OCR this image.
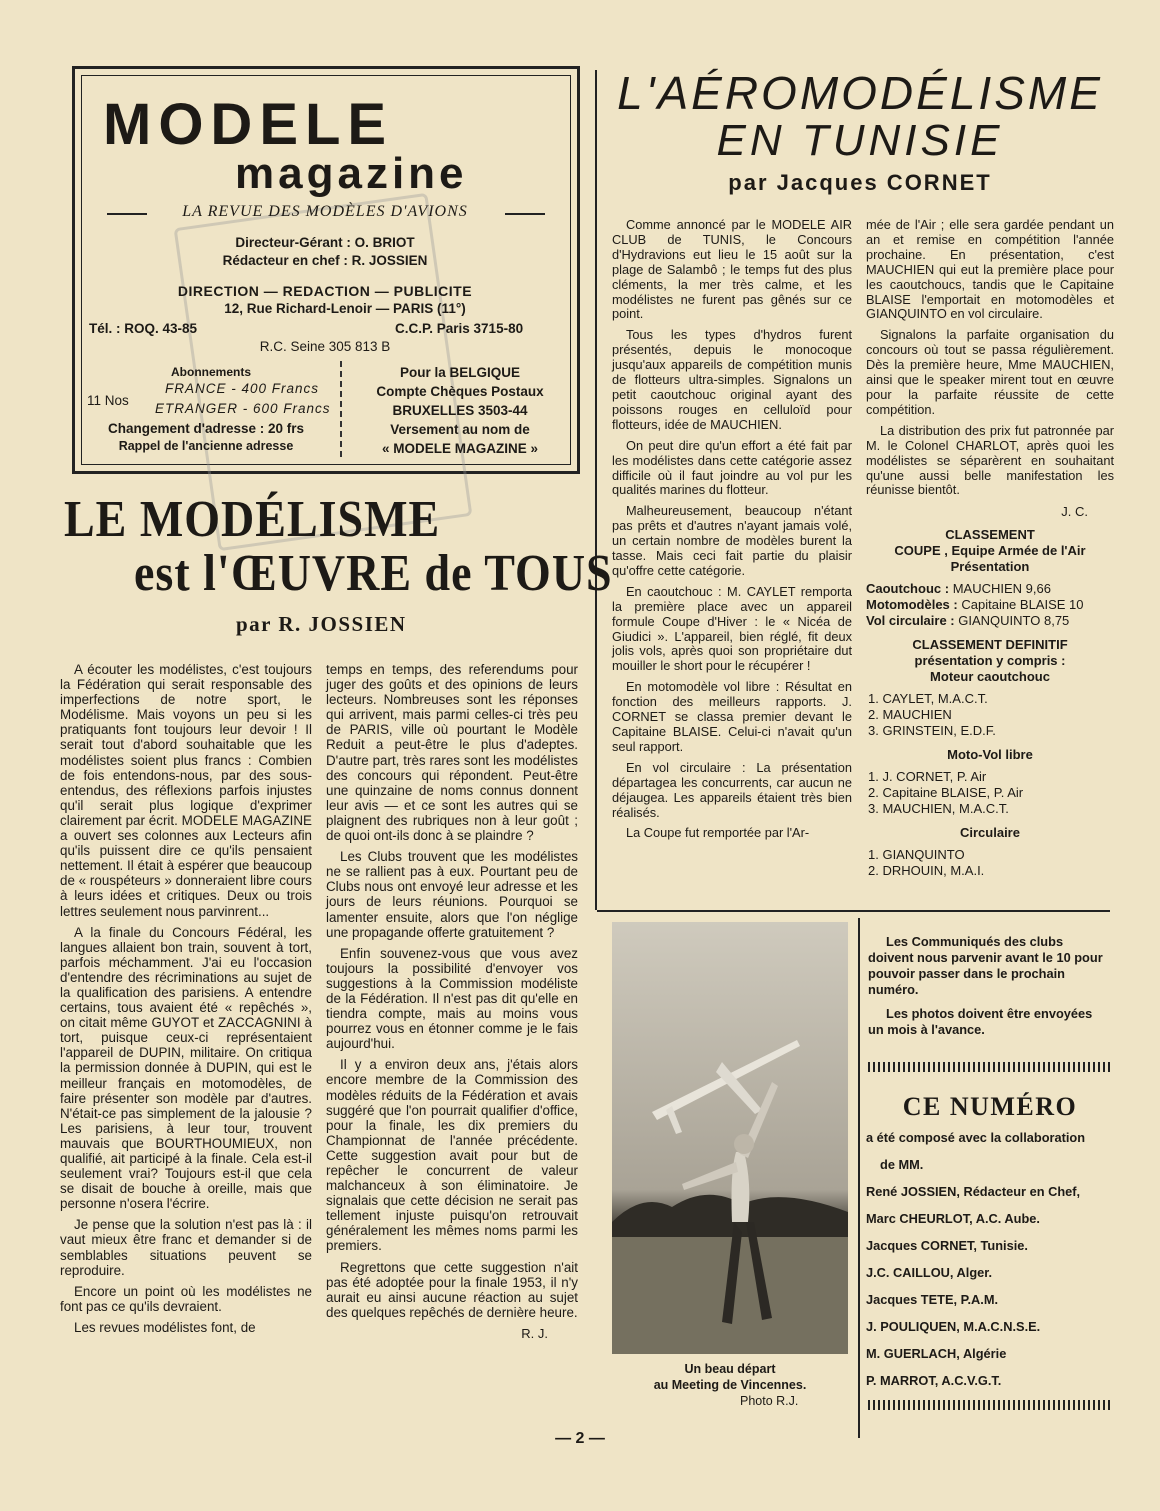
MODELE
magazine
LA REVUE DES MODÈLES D'AVIONS
Directeur-Gérant : O. BRIOT
Rédacteur en chef : R. JOSSIEN
DIRECTION — REDACTION — PUBLICITE
12, Rue Richard-Lenoir — PARIS (11°)
Tél. : ROQ. 43-85	C.C.P. Paris 3715-80
R.C. Seine 305 813 B
Abonnements
11 Nos
FRANCE - 400 Francs
ETRANGER - 600 Francs
Changement d'adresse : 20 frs
Rappel de l'ancienne adresse
Pour la BELGIQUE
Compte Chèques Postaux
BRUXELLES 3503-44
Versement au nom de
« MODELE MAGAZINE »
LE MODÉLISME
est l'ŒUVRE de TOUS
par R. JOSSIEN

A écouter les modélistes, c'est toujours la Fédération qui serait responsable des imperfections de notre sport, le Modélisme. Mais voyons un peu si les pratiquants font toujours leur devoir ! Il serait tout d'abord souhaitable que les modélistes soient plus francs : Combien de fois entendons-nous, par des sous-entendus, des réflexions parfois injustes qu'il serait plus logique d'exprimer clairement par écrit. MODELE MAGAZINE a ouvert ses colonnes aux Lecteurs afin qu'ils puissent dire ce qu'ils pensaient nettement. Il était à espérer que beaucoup de « rouspéteurs » donneraient libre cours à leurs idées et critiques. Deux ou trois lettres seulement nous parvinrent...

A la finale du Concours Fédéral, les langues allaient bon train, souvent à tort, parfois méchamment. J'ai eu l'occasion d'entendre des récriminations au sujet de la qualification des parisiens. A entendre certains, tous avaient été « repêchés », on citait même GUYOT et ZACCAGNINI à tort, puisque ceux-ci représentaient l'appareil de DUPIN, militaire. On critiqua la permission donnée à DUPIN, qui est le meilleur français en motomodèles, de faire présenter son modèle par d'autres. N'était-ce pas simplement de la jalousie ? Les parisiens, à leur tour, trouvent mauvais que BOURTHOUMIEUX, non qualifié, ait participé à la finale. Cela est-il seulement vrai? Toujours est-il que cela se disait de bouche à oreille, mais que personne n'osera l'écrire.

Je pense que la solution n'est pas là : il vaut mieux être franc et demander si de semblables situations peuvent se reproduire.

Encore un point où les modélistes ne font pas ce qu'ils devraient.

Les revues modélistes font, de

temps en temps, des referendums pour juger des goûts et des opinions de leurs lecteurs. Nombreuses sont les réponses qui arrivent, mais parmi celles-ci très peu de PARIS, ville où pourtant le Modèle Reduit a peut-être le plus d'adeptes. D'autre part, très rares sont les modélistes des concours qui répondent. Peut-être une quinzaine de noms connus donnent leur avis — et ce sont les autres qui se plaignent des rubriques non à leur goût ; de quoi ont-ils donc à se plaindre ?

Les Clubs trouvent que les modélistes ne se rallient pas à eux. Pourtant peu de Clubs nous ont envoyé leur adresse et les jours de leurs réunions. Pourquoi se lamenter ensuite, alors que l'on néglige une propagande offerte gratuitement ?

Enfin souvenez-vous que vous avez toujours la possibilité d'envoyer vos suggestions à la Commission modéliste de la Fédération. Il n'est pas dit qu'elle en tiendra compte, mais au moins vous pourrez vous en étonner comme je le fais aujourd'hui.

Il y a environ deux ans, j'étais alors encore membre de la Commission des modèles réduits de la Fédération et avais suggéré que l'on pourrait qualifier d'office, pour la finale, les dix premiers du Championnat de l'année précédente. Cette suggestion avait pour but de repêcher le concurrent de valeur malchanceux à son éliminatoire. Je signalais que cette décision ne serait pas tellement injuste puisqu'on retrouvait généralement les mêmes noms parmi les premiers.

Regrettons que cette suggestion n'ait pas été adoptée pour la finale 1953, il n'y aurait eu ainsi aucune réaction au sujet des quelques repêchés de dernière heure.

R. J.
L'AÉROMODÉLISME
EN TUNISIE
par Jacques CORNET

Comme annoncé par le MODELE AIR CLUB de TUNIS, le Concours d'Hydravions eut lieu le 15 août sur la plage de Salambô ; le temps fut des plus cléments, la mer très calme, et les modélistes ne furent pas gênés sur ce point.

Tous les types d'hydros furent présentés, depuis le monocoque jusqu'aux appareils de compétition munis de flotteurs ultra-simples. Signalons un petit caoutchouc original ayant des poissons rouges en celluloïd pour flotteurs, idée de MAUCHIEN.

On peut dire qu'un effort a été fait par les modélistes dans cette catégorie assez difficile où il faut joindre au vol pur les qualités marines du flotteur.

Malheureusement, beaucoup n'étant pas prêts et d'autres n'ayant jamais volé, un certain nombre de modèles burent la tasse. Mais ceci fait partie du plaisir qu'offre cette catégorie.

En caoutchouc : M. CAYLET remporta la première place avec un appareil formule Coupe d'Hiver : le « Nicéa de Giudici ». L'appareil, bien réglé, fit deux jolis vols, après quoi son propriétaire dut mouiller le short pour le récupérer !

En motomodèle vol libre : Résultat en fonction des meilleurs rapports. J. CORNET se classa premier devant le Capitaine BLAISE. Celui-ci n'avait qu'un seul rapport.

En vol circulaire : La présentation départagea les concurrents, car aucun ne déjaugea. Les appareils étaient très bien réalisés.

La Coupe fut remportée par l'Ar-

mée de l'Air ; elle sera gardée pendant un an et remise en compétition l'année prochaine. En présentation, c'est MAUCHIEN qui eut la première place pour les caoutchoucs, tandis que le Capitaine BLAISE l'emportait en motomodèles et GIANQUINTO en vol circulaire.

Signalons la parfaite organisation du concours où tout se passa régulièrement. Dès la première heure, Mme MAUCHIEN, ainsi que le speaker mirent tout en œuvre pour la parfaite réussite de cette compétition.

La distribution des prix fut patronnée par M. le Colonel CHARLOT, après quoi les modélistes se séparèrent en souhaitant qu'une aussi belle manifestation les réunisse bientôt.

J. C.
CLASSEMENT
COUPE , Equipe Armée de l'Air
Présentation
Caoutchouc : MAUCHIEN 9,66
Motomodèles : Capitaine BLAISE 10
Vol circulaire : GIANQUINTO 8,75
CLASSEMENT DEFINITIF
présentation y compris :
Moteur caoutchouc
1. CAYLET, M.A.C.T.
2. MAUCHIEN
3. GRINSTEIN, E.D.F.
Moto-Vol libre
1. J. CORNET, P. Air
2. Capitaine BLAISE, P. Air
3. MAUCHIEN, M.A.C.T.
Circulaire
1. GIANQUINTO
2. DRHOUIN, M.A.I.
Un beau départ
au Meeting de Vincennes.
Photo R.J.

Les Communiqués des clubs doivent nous parvenir avant le 10 pour pouvoir passer dans le prochain numéro.

Les photos doivent être envoyées un mois à l'avance.

CE NUMÉRO
a été composé avec la collaboration
de MM.
René JOSSIEN, Rédacteur en Chef,
Marc CHEURLOT, A.C. Aube.
Jacques CORNET, Tunisie.
J.C. CAILLOU, Alger.
Jacques TETE, P.A.M.
J. POULIQUEN, M.A.C.N.S.E.
M. GUERLACH, Algérie
P. MARROT, A.C.V.G.T.
— 2 —
